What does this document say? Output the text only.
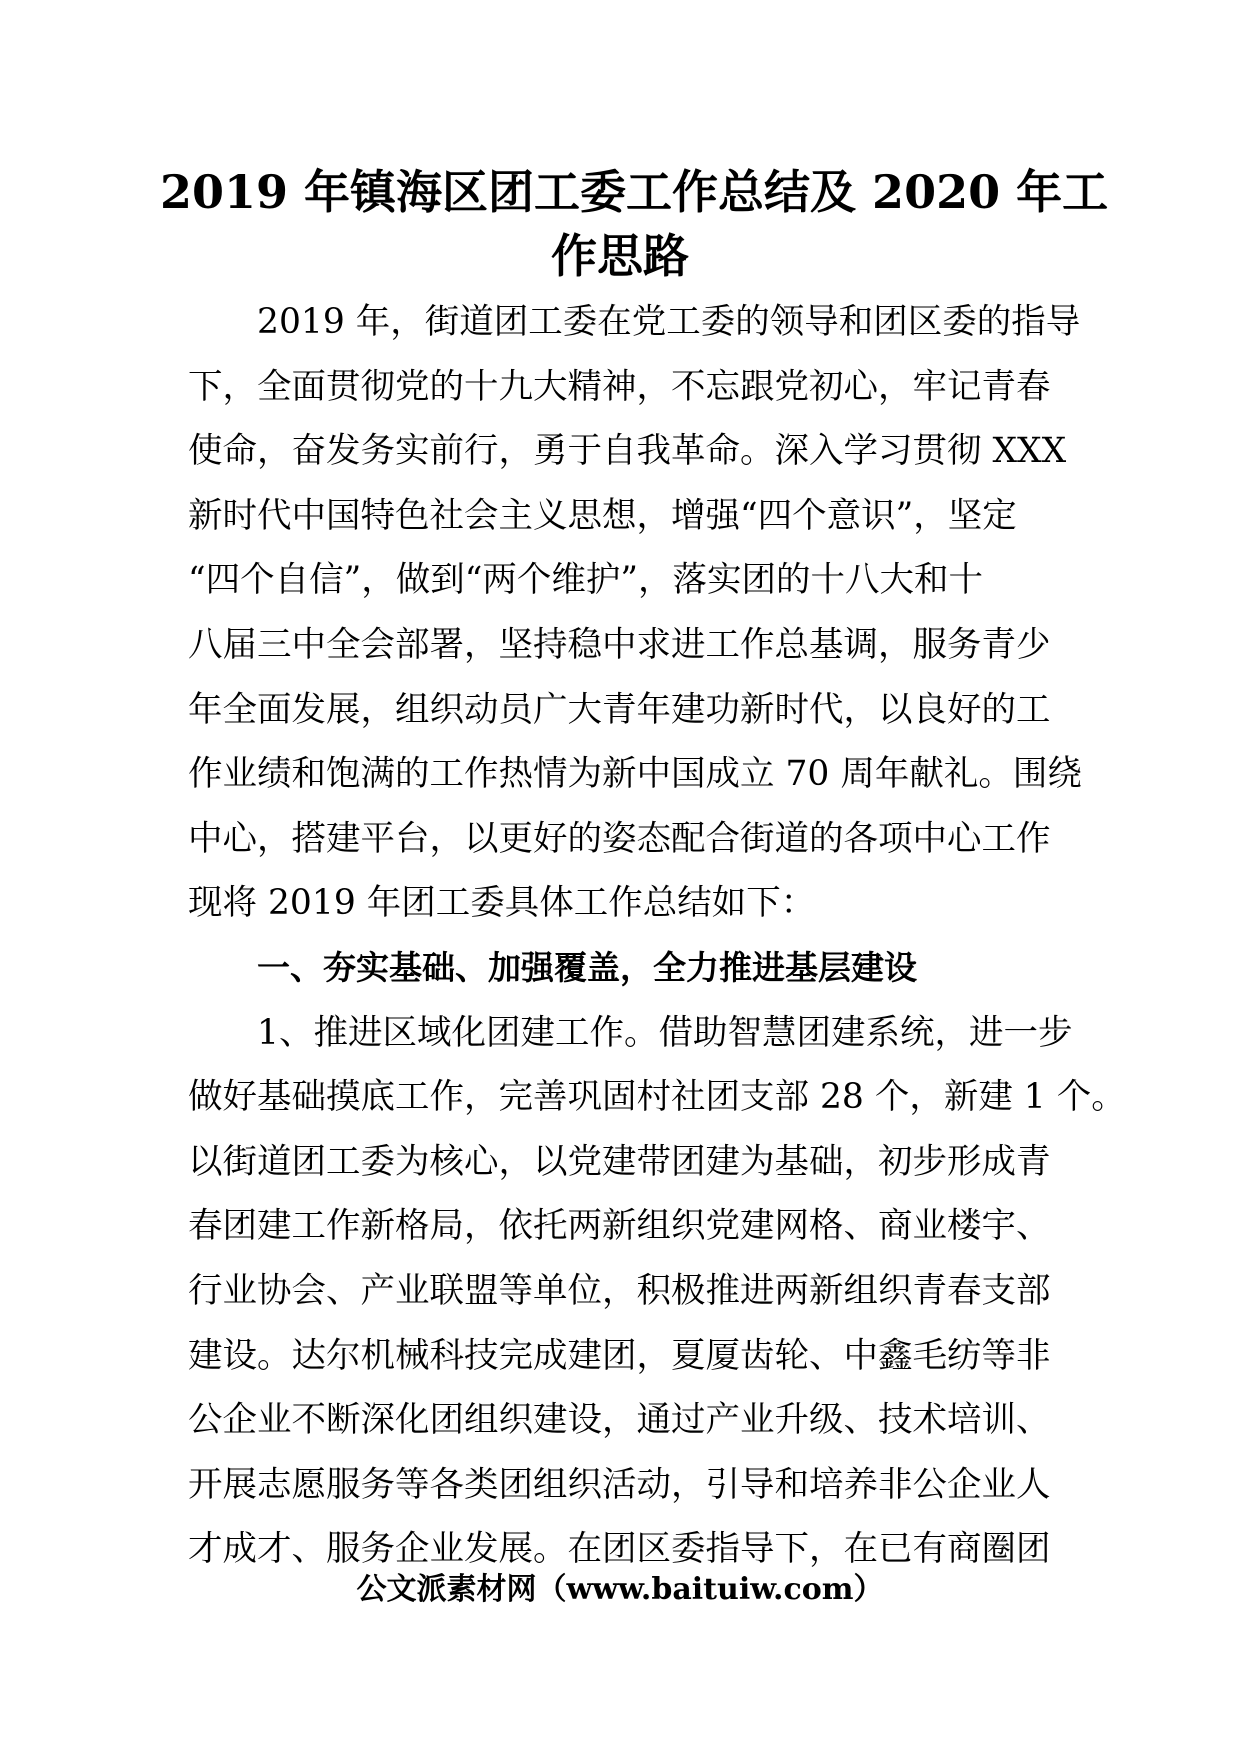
2019 年镇海区团工委工作总结及 2020 年工
作思路
2019 年，街道团工委在党工委的领导和团区委的指导
下，全面贯彻党的十九大精神，不忘跟党初心，牢记青春
使命，奋发务实前行，勇于自我革命。深入学习贯彻 XXX
新时代中国特色社会主义思想，增强“四个意识”，坚定
“四个自信”，做到“两个维护”，落实团的十八大和十
八届三中全会部署，坚持稳中求进工作总基调，服务青少
年全面发展，组织动员广大青年建功新时代，以良好的工
作业绩和饱满的工作热情为新中国成立 70 周年献礼。围绕
中心，搭建平台，以更好的姿态配合街道的各项中心工作
现将 2019 年团工委具体工作总结如下：
一、夯实基础、加强覆盖，全力推进基层建设
1、推进区域化团建工作。借助智慧团建系统，进一步
做好基础摸底工作，完善巩固村社团支部 28 个，新建 1 个。
以街道团工委为核心，以党建带团建为基础，初步形成青
春团建工作新格局，依托两新组织党建网格、商业楼宇、
行业协会、产业联盟等单位，积极推进两新组织青春支部
建设。达尔机械科技完成建团，夏厦齿轮、中鑫毛纺等非
公企业不断深化团组织建设，通过产业升级、技术培训、
开展志愿服务等各类团组织活动，引导和培养非公企业人
才成才、服务企业发展。在团区委指导下，在已有商圈团
公文派素材网（www.baituiw.com）
